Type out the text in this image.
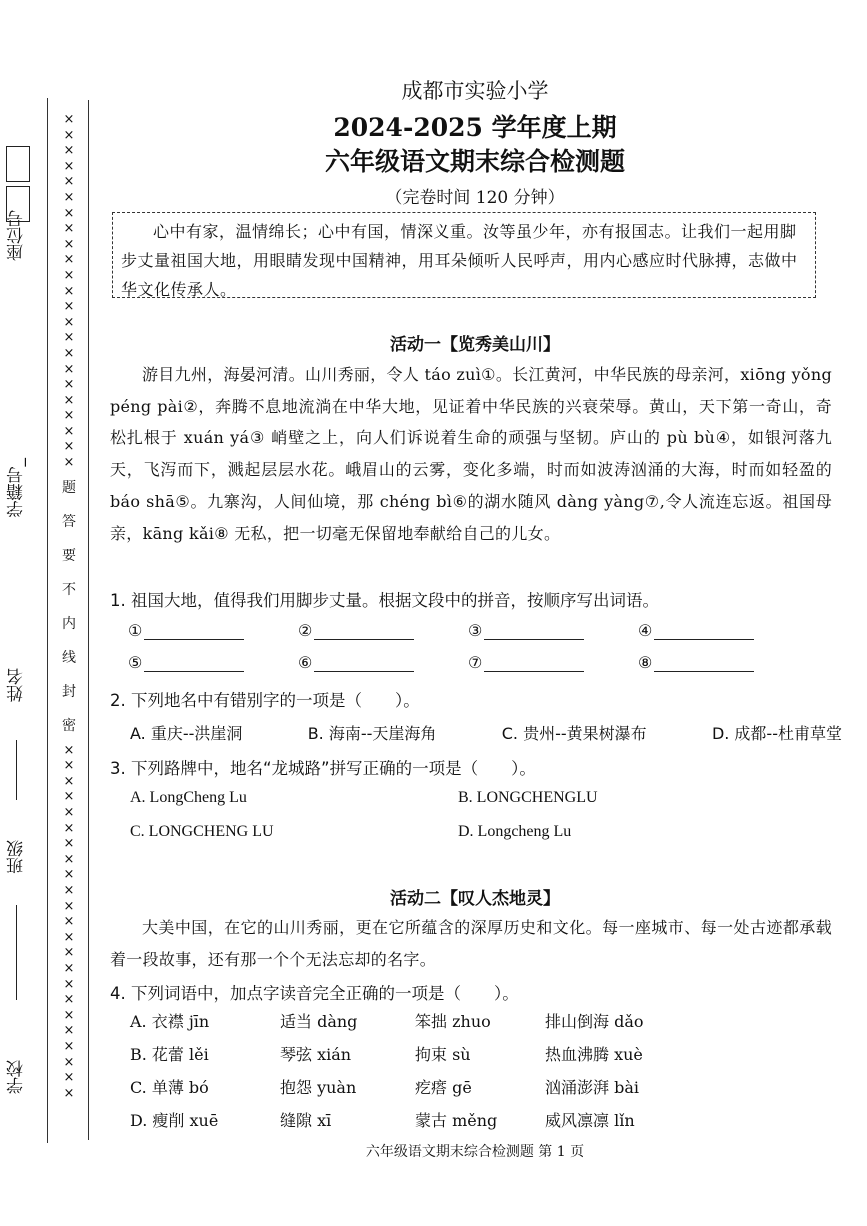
座位号
学籍号_
姓名
班级
学校
×
×
×
×
×
×
×
×
×
×
×
×
×
×
×
×
×
×
×
×
×
×
×
题
答
要
不
内
线
封
密
×
×
×
×
×
×
×
×
×
×
×
×
×
×
×
×
×
×
×
×
×
×
×
成都市实验小学
2024-2025 学年度上期
六年级语文期末综合检测题
（完卷时间 120 分钟）
心中有家，温情绵长；心中有国，情深义重。汝等虽少年，亦有报国志。让我们一起用脚步丈量祖国大地，用眼睛发现中国精神，用耳朵倾听人民呼声，用内心感应时代脉搏，志做中华文化传承人。
活动一【览秀美山川】
游目九州，海晏河清。山川秀丽，令人 táo zuì①。长江黄河，中华民族的母亲河，xiōng yǒng péng pài②，奔腾不息地流淌在中华大地，见证着中华民族的兴衰荣辱。黄山，天下第一奇山，奇松扎根于 xuán yá③ 峭壁之上，向人们诉说着生命的顽强与坚韧。庐山的 pù bù④，如银河落九天，飞泻而下，溅起层层水花。峨眉山的云雾，变化多端，时而如波涛汹涌的大海，时而如轻盈的 báo shā⑤。九寨沟，人间仙境，那 chéng bì⑥的湖水随风 dàng yàng⑦,令人流连忘返。祖国母亲，kāng kǎi⑧ 无私，把一切毫无保留地奉献给自己的儿女。
1. 祖国大地，值得我们用脚步丈量。根据文段中的拼音，按顺序写出词语。
①	②	③	④
⑤	⑥	⑦	⑧
2. 下列地名中有错别字的一项是（　　）。
A. 重庆--洪崖洞	B. 海南--天崖海角	C. 贵州--黄果树瀑布	D. 成都--杜甫草堂
3. 下列路牌中，地名“龙城路”拼写正确的一项是（　　）。
A. LongCheng Lu	B. LONGCHENGLU
C. LONGCHENG LU	D. Longcheng Lu
活动二【叹人杰地灵】
大美中国，在它的山川秀丽，更在它所蕴含的深厚历史和文化。每一座城市、每一处古迹都承载着一段故事，还有那一个个无法忘却的名字。
4. 下列词语中，加点字读音完全正确的一项是（　　）。
A. 衣襟 jīn	适当 dàng	笨拙 zhuo	排山倒海 dǎo
B. 花蕾 lěi	琴弦 xián	拘束 sù	热血沸腾 xuè
C. 单薄 bó	抱怨 yuàn	疙瘩 gē	汹涌澎湃 bài
D. 瘦削 xuē	缝隙 xī	蒙古 měng	威风凛凛 lǐn
六年级语文期末综合检测题 第 1 页
